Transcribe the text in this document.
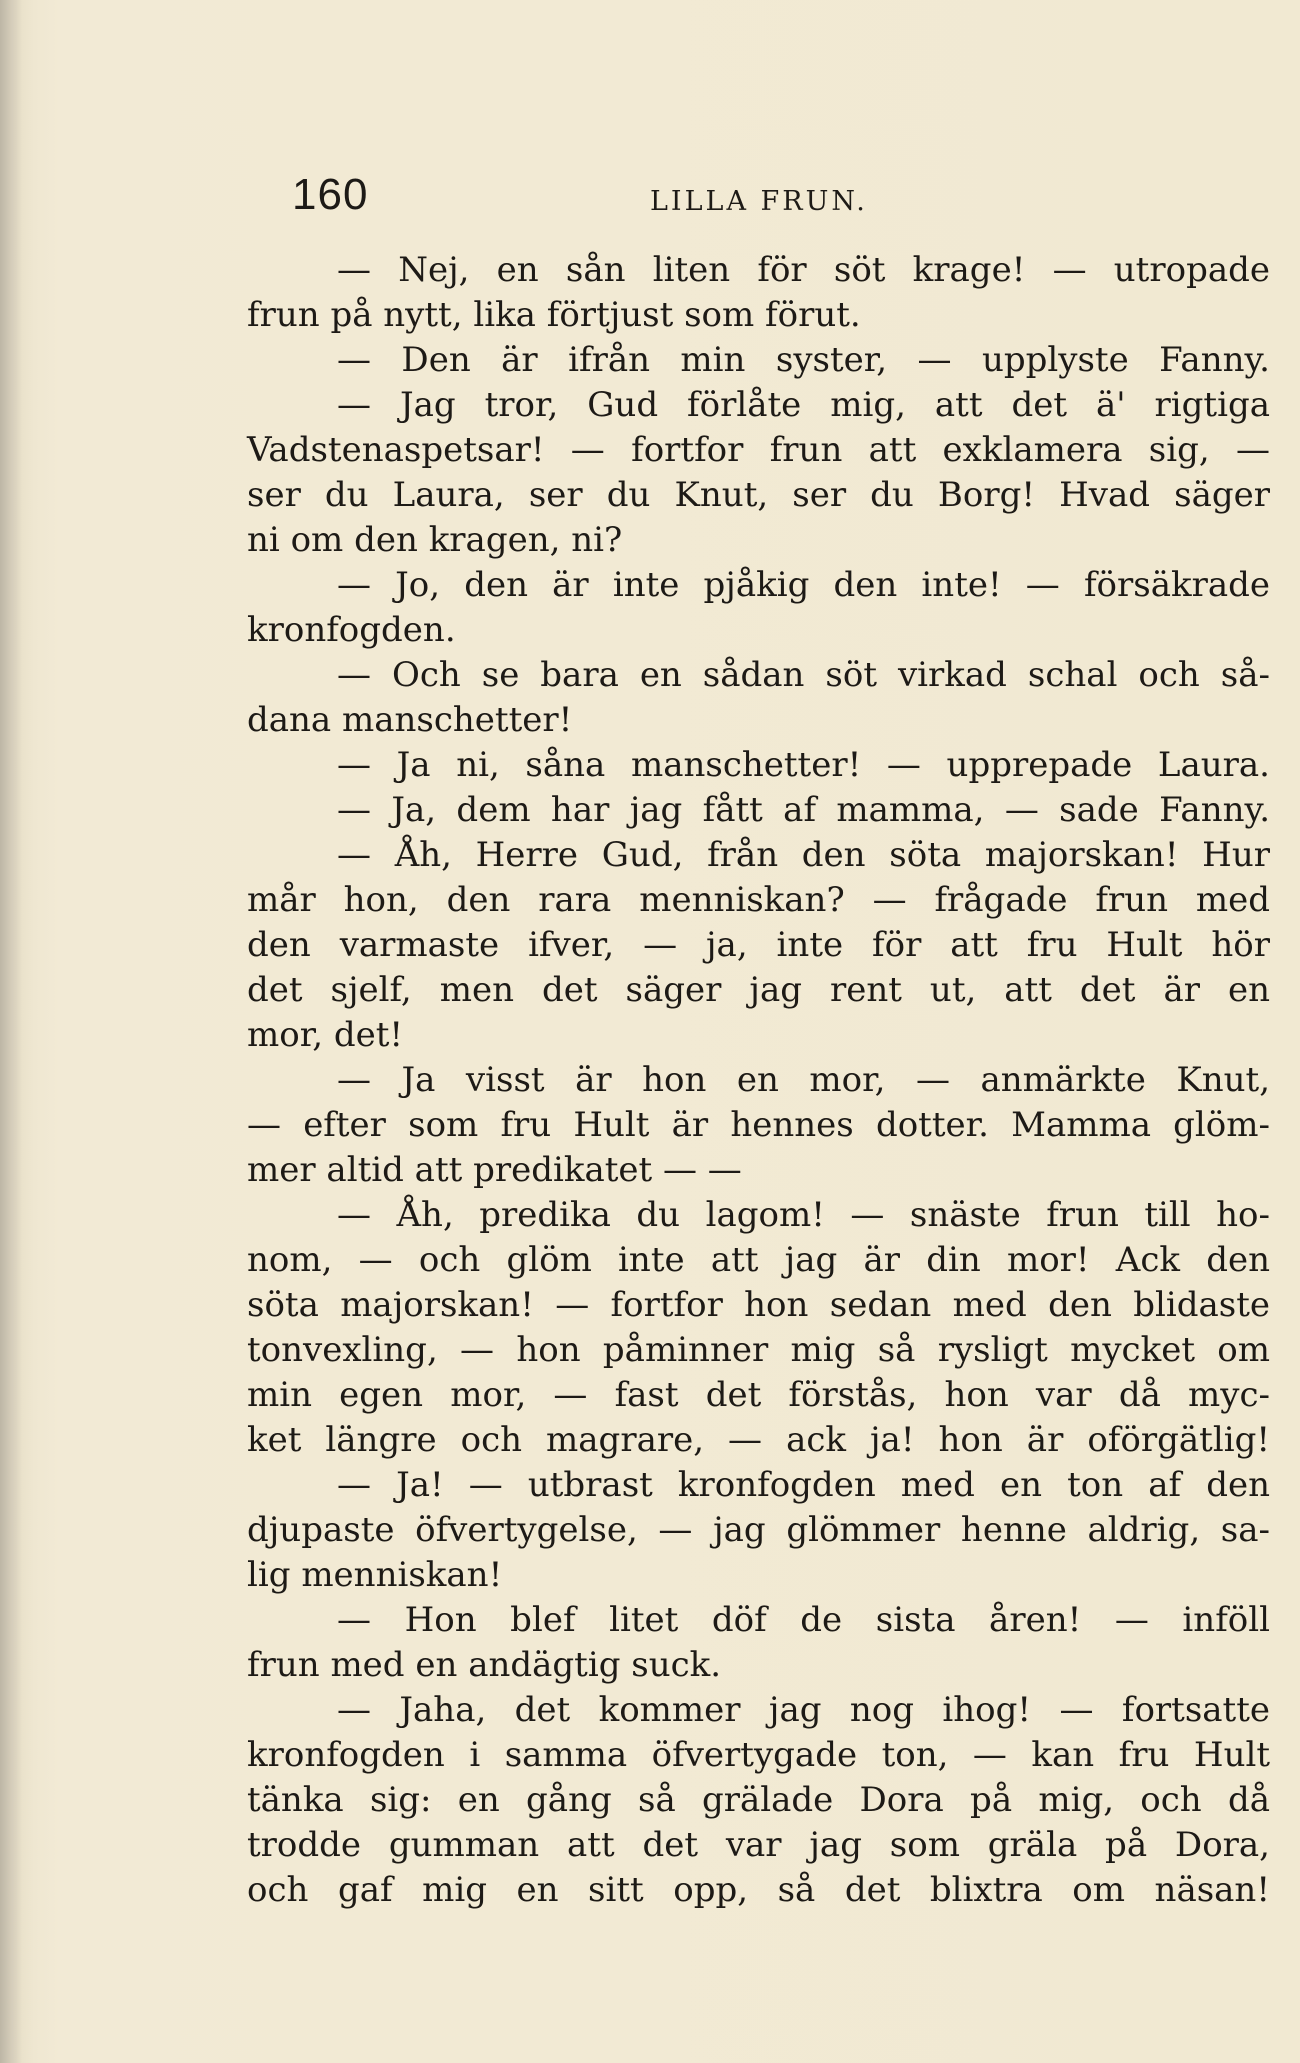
160	LILLA FRUN.
— Nej, en sån liten för söt krage! — utropade
frun på nytt, lika förtjust som förut.
— Den är ifrån min syster, — upplyste Fanny.
— Jag tror, Gud förlåte mig, att det ä' rigtiga
Vadstenaspetsar! — fortfor frun att exklamera sig, —
ser du Laura, ser du Knut, ser du Borg! Hvad säger
ni om den kragen, ni?
— Jo, den är inte pjåkig den inte! — försäkrade
kronfogden.
— Och se bara en sådan söt virkad schal och så-
dana manschetter!
— Ja ni, såna manschetter! — upprepade Laura.
— Ja, dem har jag fått af mamma, — sade Fanny.
— Åh, Herre Gud, från den söta majorskan! Hur
mår hon, den rara menniskan? — frågade frun med
den varmaste ifver, — ja, inte för att fru Hult hör
det sjelf, men det säger jag rent ut, att det är en
mor, det!
— Ja visst är hon en mor, — anmärkte Knut,
— efter som fru Hult är hennes dotter. Mamma glöm-
mer altid att predikatet — —
— Åh, predika du lagom! — snäste frun till ho-
nom, — och glöm inte att jag är din mor! Ack den
söta majorskan! — fortfor hon sedan med den blidaste
tonvexling, — hon påminner mig så rysligt mycket om
min egen mor, — fast det förstås, hon var då myc-
ket längre och magrare, — ack ja! hon är oförgätlig!
— Ja! — utbrast kronfogden med en ton af den
djupaste öfvertygelse, — jag glömmer henne aldrig, sa-
lig menniskan!
— Hon blef litet döf de sista åren! — inföll
frun med en andägtig suck.
— Jaha, det kommer jag nog ihog! — fortsatte
kronfogden i samma öfvertygade ton, — kan fru Hult
tänka sig: en gång så grälade Dora på mig, och då
trodde gumman att det var jag som gräla på Dora,
och gaf mig en sitt opp, så det blixtra om näsan!
